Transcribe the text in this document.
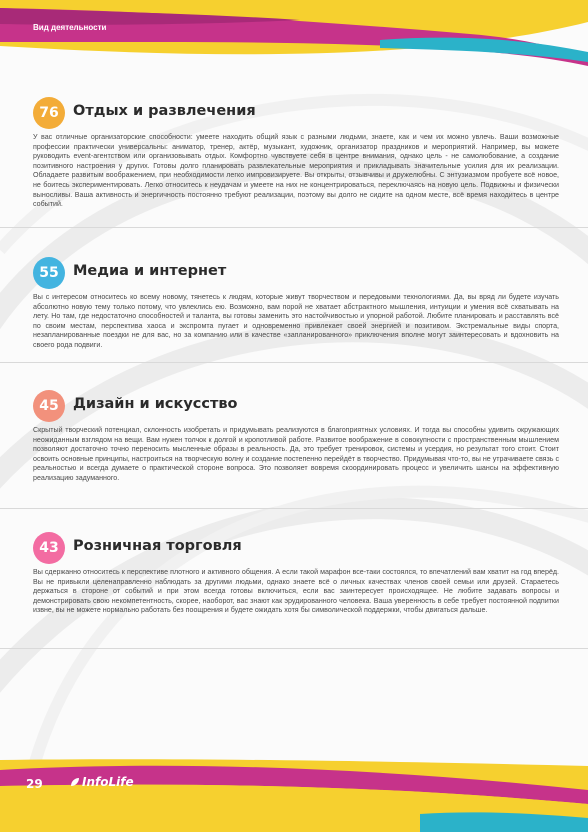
Вид деятельности
76 Отдых и развлечения

У вас отличные организаторские способности: умеете находить общий язык с разными людьми, знаете, как и чем их можно увлечь. Ваши возможные профессии практически универсальны: аниматор, тренер, актёр, музыкант, художник, организатор праздников и мероприятий. Например, вы можете руководить event-агентством или организовывать отдых. Комфортно чувствуете себя в центре внимания, однако цель - не самолюбование, а создание позитивного настроения у других. Готовы долго планировать развлекательные мероприятия и прикладывать значительные усилия для их реализации. Обладаете развитым воображением, при необходимости легко импровизируете. Вы открыты, отзывчивы и дружелюбны. С энтузиазмом пробуете всё новое, не боитесь экспериментировать. Легко относитесь к неудачам и умеете на них не концентрироваться, переключаясь на новую цель. Подвижны и физически выносливы. Ваша активность и энергичность постоянно требуют реализации, поэтому вы долго не сидите на одном месте, всё время находитесь в центре событий.

55 Медиа и интернет

Вы с интересом относитесь ко всему новому, тянетесь к людям, которые живут творчеством и передовыми технологиями. Да, вы вряд ли будете изучать абсолютно новую тему только потому, что увлеклись ею. Возможно, вам порой не хватает абстрактного мышления, интуиции и умения всё схватывать на лету. Но там, где недостаточно способностей и таланта, вы готовы заменить это настойчивостью и упорной работой. Любите планировать и расставлять всё по своим местам, перспектива хаоса и экспромта пугает и одновременно привлекает своей энергией и позитивом. Экстремальные виды спорта, незапланированные поездки не для вас, но за компанию или в качестве «запланированного» приключения вполне могут заинтересовать и вдохновить на своего рода подвиги.

45 Дизайн и искусство

Скрытый творческий потенциал, склонность изобретать и придумывать реализуются в благоприятных условиях. И тогда вы способны удивить окружающих неожиданным взглядом на вещи. Вам нужен толчок к долгой и кропотливой работе. Развитое воображение в совокупности с пространственным мышлением позволяют достаточно точно переносить мысленные образы в реальность. Да, это требует тренировок, системы и усердия, но результат того стоит. Стоит освоить основные принципы, настроиться на творческую волну и создание постепенно перейдёт в творчество. Придумывая что-то, вы не утрачиваете связь с реальностью и всегда думаете о практической стороне вопроса. Это позволяет вовремя скоординировать процесс и увеличить шансы на эффективную реализацию задуманного.

43 Розничная торговля

Вы сдержанно относитесь к перспективе плотного и активного общения. А если такой марафон все-таки состоялся, то впечатлений вам хватит на год вперёд. Вы не привыкли целенаправленно наблюдать за другими людьми, однако знаете всё о личных качествах членов своей семьи или друзей. Стараетесь держаться в стороне от событий и при этом всегда готовы включиться, если вас заинтересует происходящее. Не любите задавать вопросы и демонстрировать свою некомпетентность, скорее, наоборот, вас знают как эрудированного человека. Ваша уверенность в себе требует постоянной подпитки извне, вы не можете нормально работать без поощрения и будете ожидать хотя бы символической поддержки, чтобы двигаться дальше.

29	InfoLife
